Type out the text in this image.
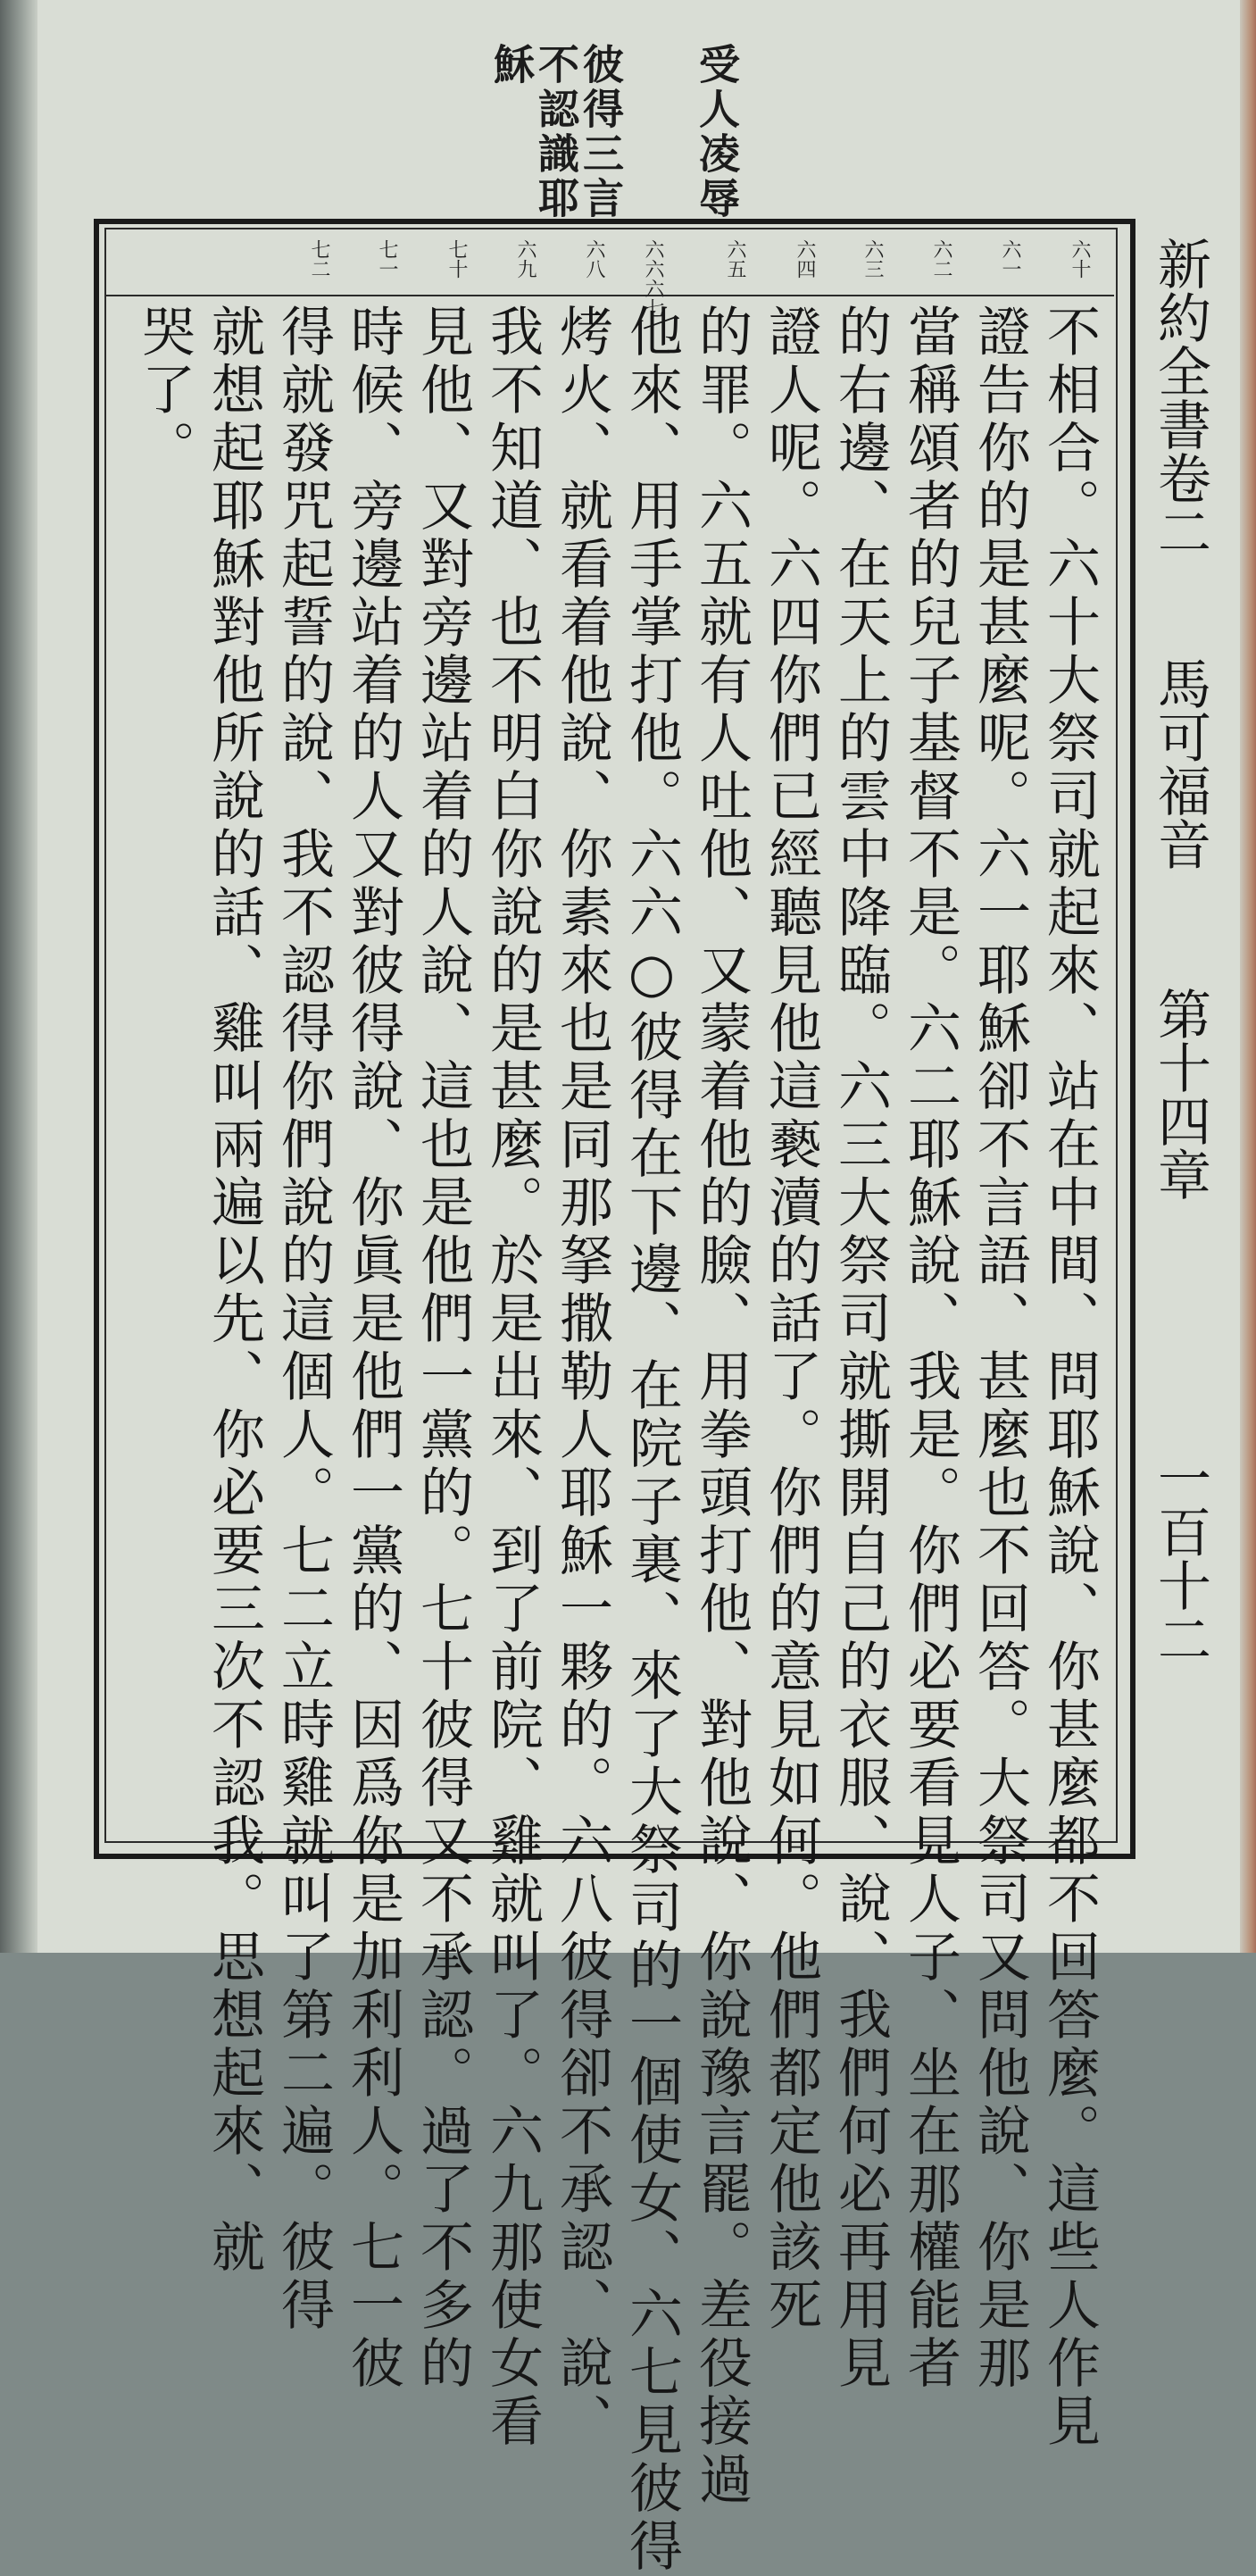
受人凌辱
彼得三言
不認識耶
穌
新約全書卷二
馬可福音
第十四章
一百十二
六十
六一
六二
六三
六四
六五
六六六七
六八
六九
七十
七一
七二
不相合。六十大祭司就起來、站在中間、問耶穌說、你甚麼都不回答麼。這些人作見
證告你的是甚麼呢。六一耶穌卻不言語、甚麼也不回答。大祭司又問他說、你是那
當稱頌者的兒子基督不是。六二耶穌說、我是。你們必要看見人子、坐在那權能者
的右邊、在天上的雲中降臨。六三大祭司就撕開自己的衣服、說、我們何必再用見
證人呢。六四你們已經聽見他這褻瀆的話了。你們的意見如何。他們都定他該死
的罪。六五就有人吐他、又蒙着他的臉、用拳頭打他、對他說、你說豫言罷。差役接過
他來、用手掌打他。六六○彼得在下邊、在院子裏、來了大祭司的一個使女、六七見彼得
烤火、就看着他說、你素來也是同那拏撒勒人耶穌一夥的。六八彼得卻不承認、說、
我不知道、也不明白你說的是甚麼。於是出來、到了前院、雞就叫了。六九那使女看
見他、又對旁邊站着的人說、這也是他們一黨的。七十彼得又不承認。過了不多的
時候、旁邊站着的人又對彼得說、你眞是他們一黨的、因爲你是加利利人。七一彼
得就發咒起誓的說、我不認得你們說的這個人。七二立時雞就叫了第二遍。彼得
就想起耶穌對他所說的話、雞叫兩遍以先、你必要三次不認我。思想起來、就
哭了。
